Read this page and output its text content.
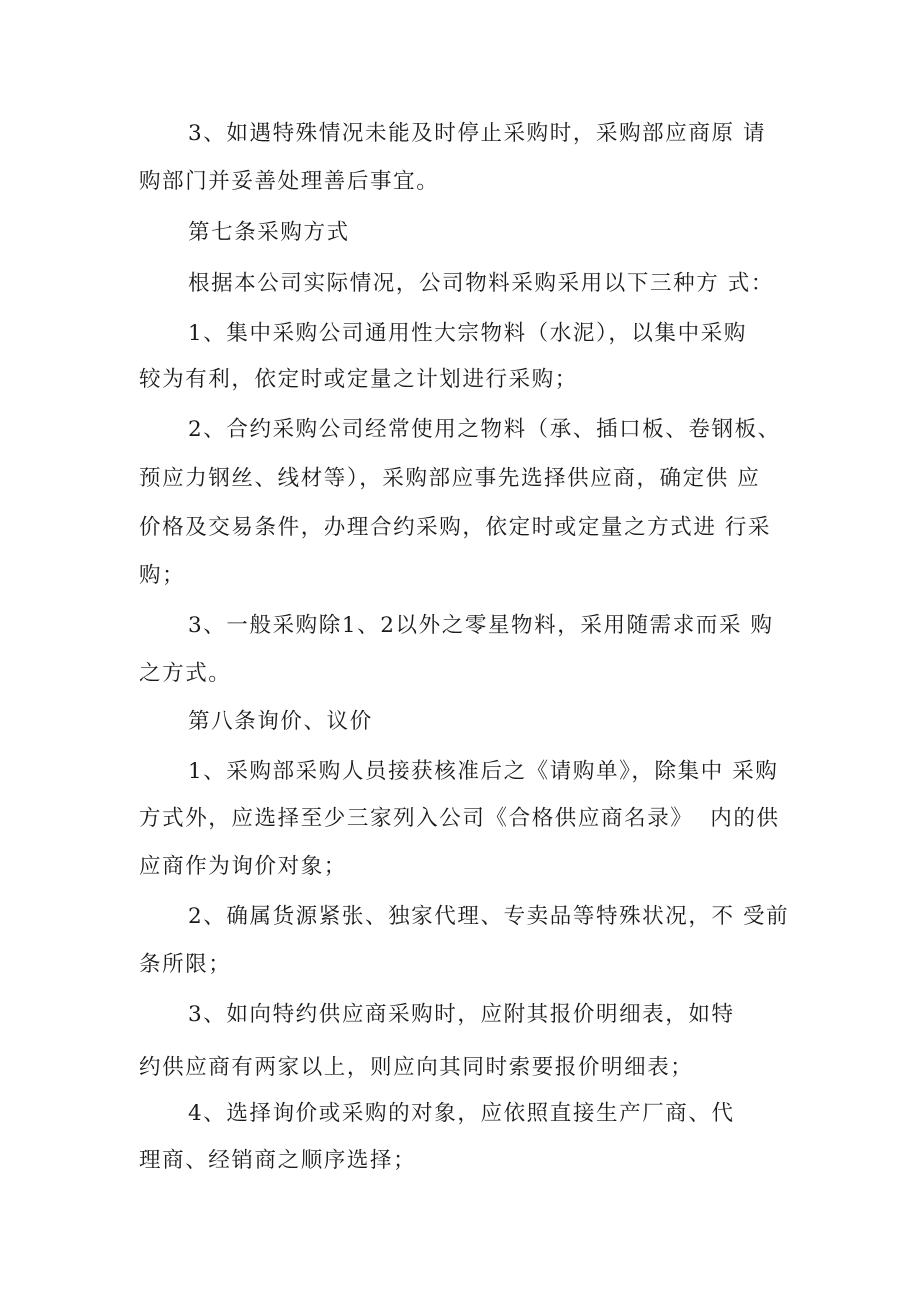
3、如遇特殊情况未能及时停止采购时，采购部应商原 请
购部门并妥善处理善后事宜。
第七条采购方式
根据本公司实际情况，公司物料采购采用以下三种方 式：
1、集中采购公司通用性大宗物料（水泥），以集中采购
较为有利，依定时或定量之计划进行采购；
2、合约采购公司经常使用之物料（承、插口板、卷钢板、
预应力钢丝、线材等），采购部应事先选择供应商，确定供 应
价格及交易条件，办理合约采购，依定时或定量之方式进 行采
购；
3、一般采购除1、2以外之零星物料，采用随需求而采 购
之方式。
第八条询价、议价
1、采购部采购人员接获核准后之《请购单》，除集中 采购
方式外，应选择至少三家列入公司《合格供应商名录》  内的供
应商作为询价对象；
2、确属货源紧张、独家代理、专卖品等特殊状况，不 受前
条所限；
3、如向特约供应商采购时，应附其报价明细表，如特
约供应商有两家以上，则应向其同时索要报价明细表；
4、选择询价或采购的对象，应依照直接生产厂商、代
理商、经销商之顺序选择；
